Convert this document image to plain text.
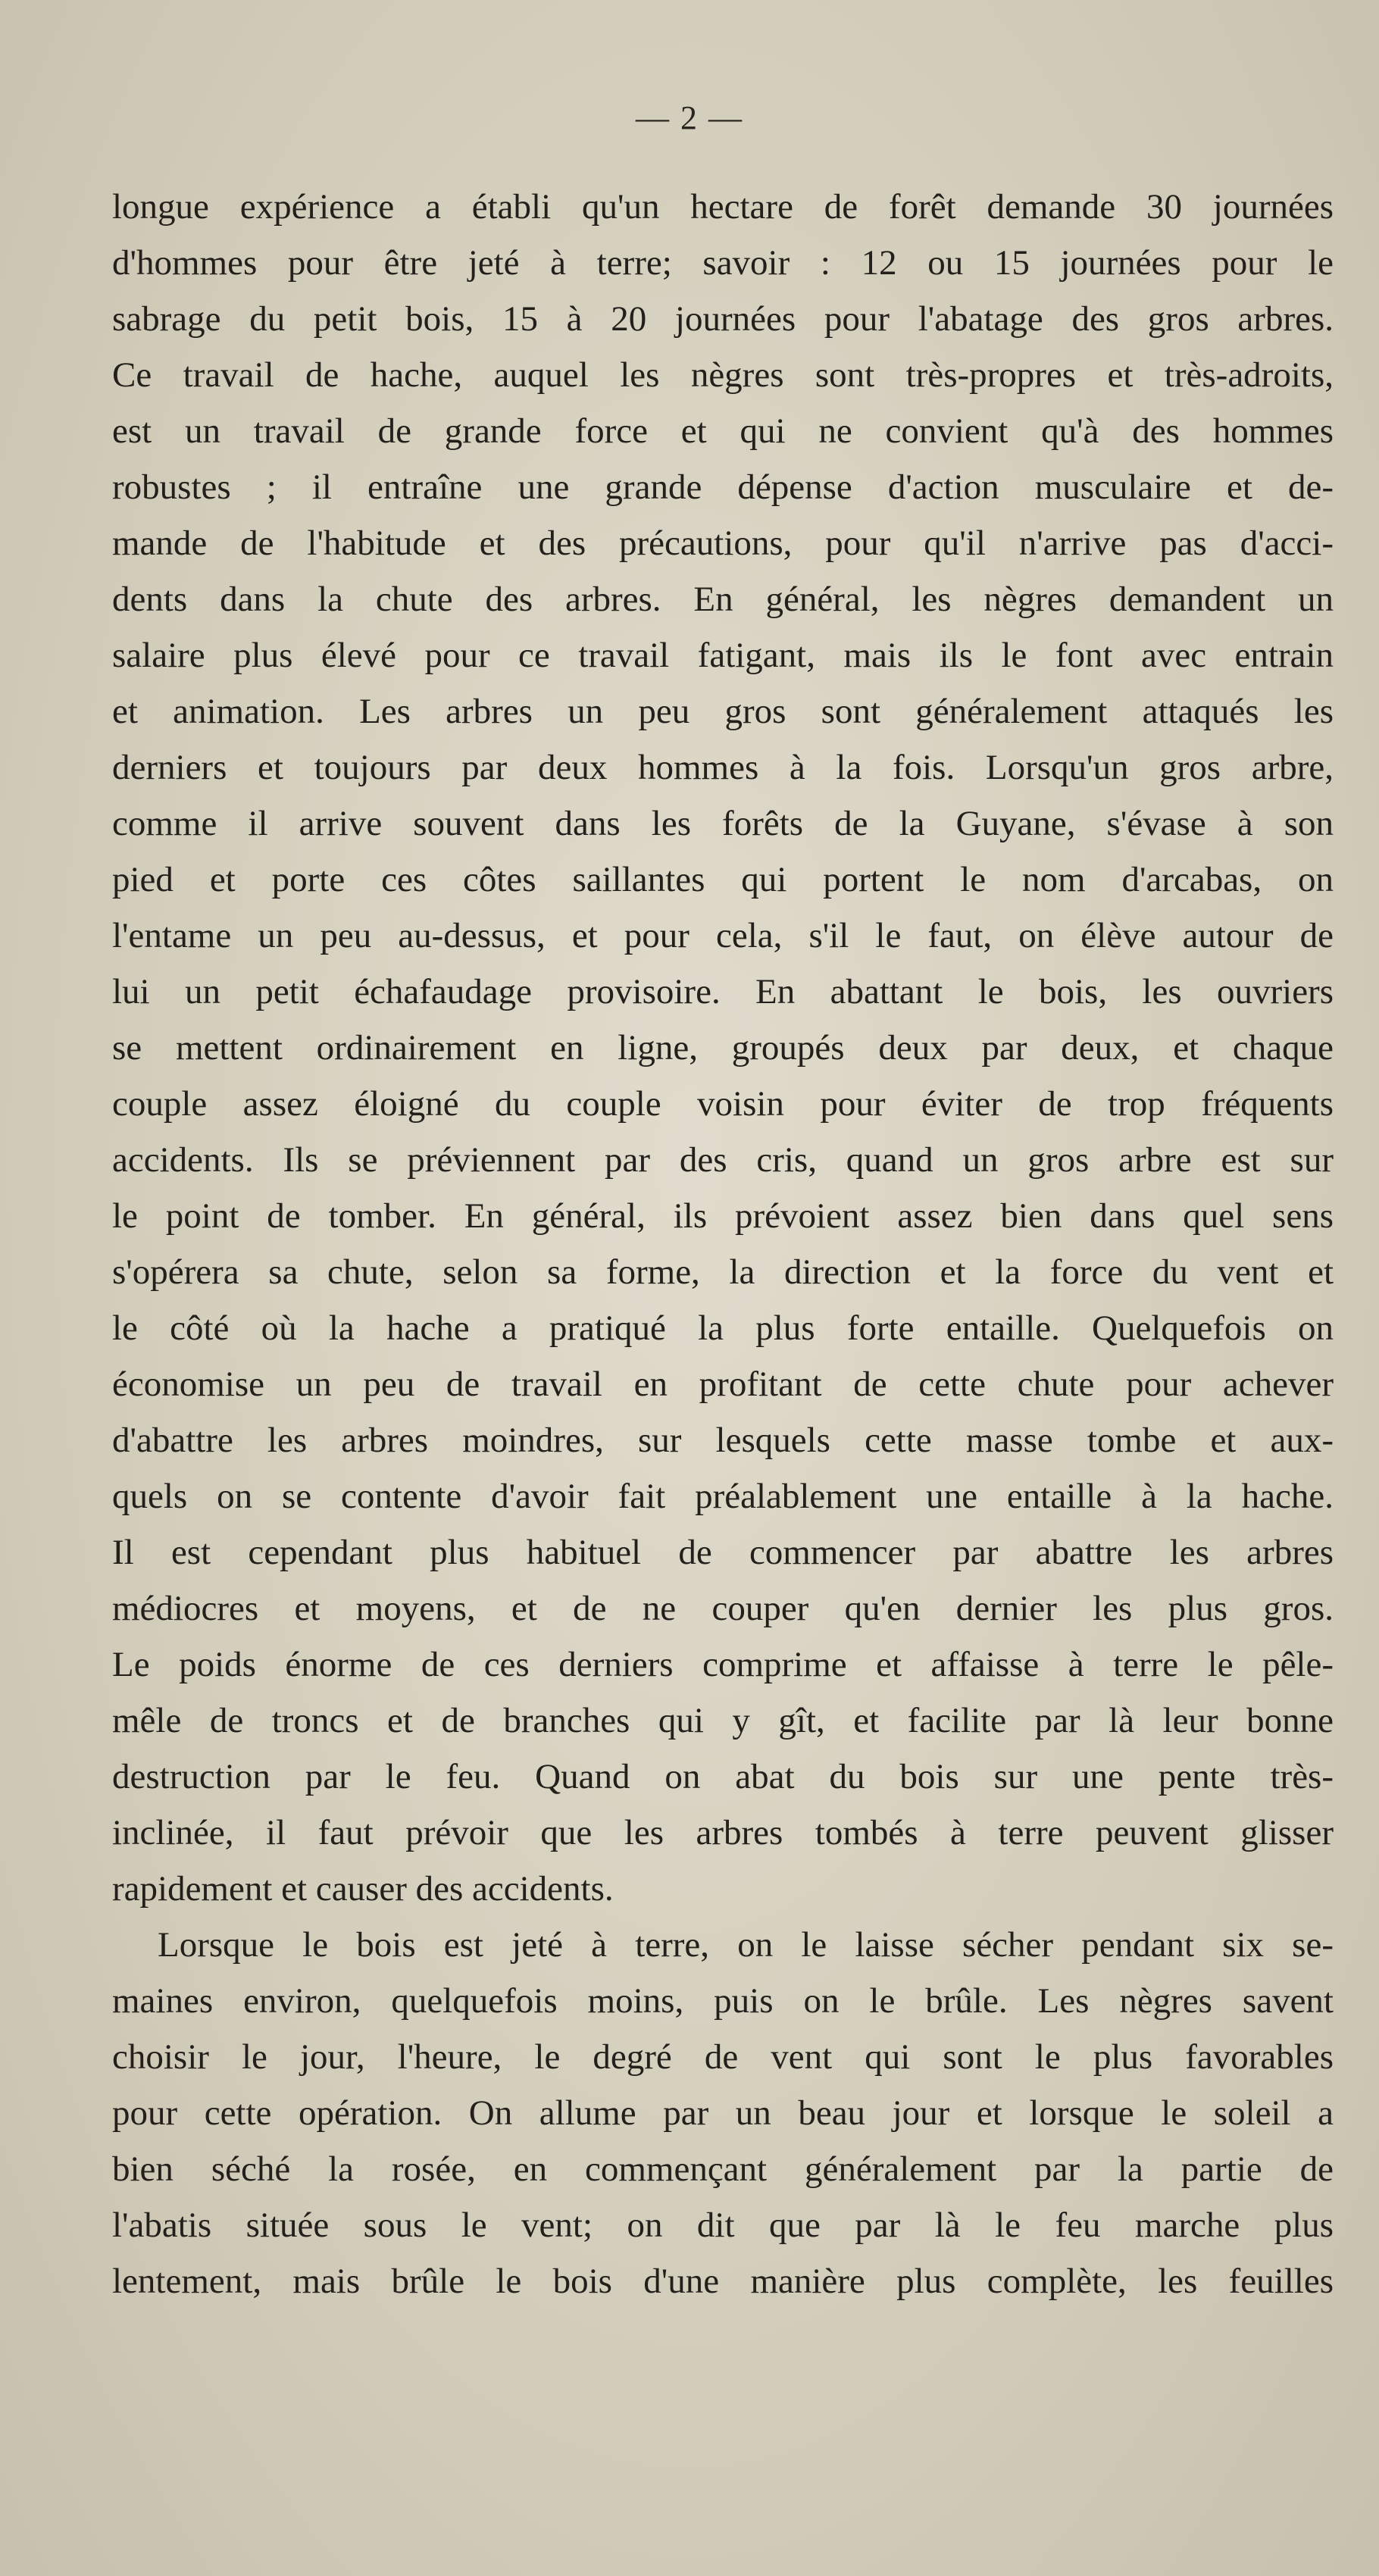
— 2 —
longue expérience a établi qu'un hectare de forêt demande 30 journées
d'hommes pour être jeté à terre; savoir : 12 ou 15 journées pour le
sabrage du petit bois, 15 à 20 journées pour l'abatage des gros arbres.
Ce travail de hache, auquel les nègres sont très-propres et très-adroits,
est un travail de grande force et qui ne convient qu'à des hommes
robustes ; il entraîne une grande dépense d'action musculaire et de-
mande de l'habitude et des précautions, pour qu'il n'arrive pas d'acci-
dents dans la chute des arbres. En général, les nègres demandent un
salaire plus élevé pour ce travail fatigant, mais ils le font avec entrain
et animation. Les arbres un peu gros sont généralement attaqués les
derniers et toujours par deux hommes à la fois. Lorsqu'un gros arbre,
comme il arrive souvent dans les forêts de la Guyane, s'évase à son
pied et porte ces côtes saillantes qui portent le nom d'arcabas, on
l'entame un peu au-dessus, et pour cela, s'il le faut, on élève autour de
lui un petit échafaudage provisoire. En abattant le bois, les ouvriers
se mettent ordinairement en ligne, groupés deux par deux, et chaque
couple assez éloigné du couple voisin pour éviter de trop fréquents
accidents. Ils se préviennent par des cris, quand un gros arbre est sur
le point de tomber. En général, ils prévoient assez bien dans quel sens
s'opérera sa chute, selon sa forme, la direction et la force du vent et
le côté où la hache a pratiqué la plus forte entaille. Quelquefois on
économise un peu de travail en profitant de cette chute pour achever
d'abattre les arbres moindres, sur lesquels cette masse tombe et aux-
quels on se contente d'avoir fait préalablement une entaille à la hache.
Il est cependant plus habituel de commencer par abattre les arbres
médiocres et moyens, et de ne couper qu'en dernier les plus gros.
Le poids énorme de ces derniers comprime et affaisse à terre le pêle-
mêle de troncs et de branches qui y gît, et facilite par là leur bonne
destruction par le feu. Quand on abat du bois sur une pente très-
inclinée, il faut prévoir que les arbres tombés à terre peuvent glisser
rapidement et causer des accidents.
Lorsque le bois est jeté à terre, on le laisse sécher pendant six se-
maines environ, quelquefois moins, puis on le brûle. Les nègres savent
choisir le jour, l'heure, le degré de vent qui sont le plus favorables
pour cette opération. On allume par un beau jour et lorsque le soleil a
bien séché la rosée, en commençant généralement par la partie de
l'abatis située sous le vent; on dit que par là le feu marche plus
lentement, mais brûle le bois d'une manière plus complète, les feuilles
